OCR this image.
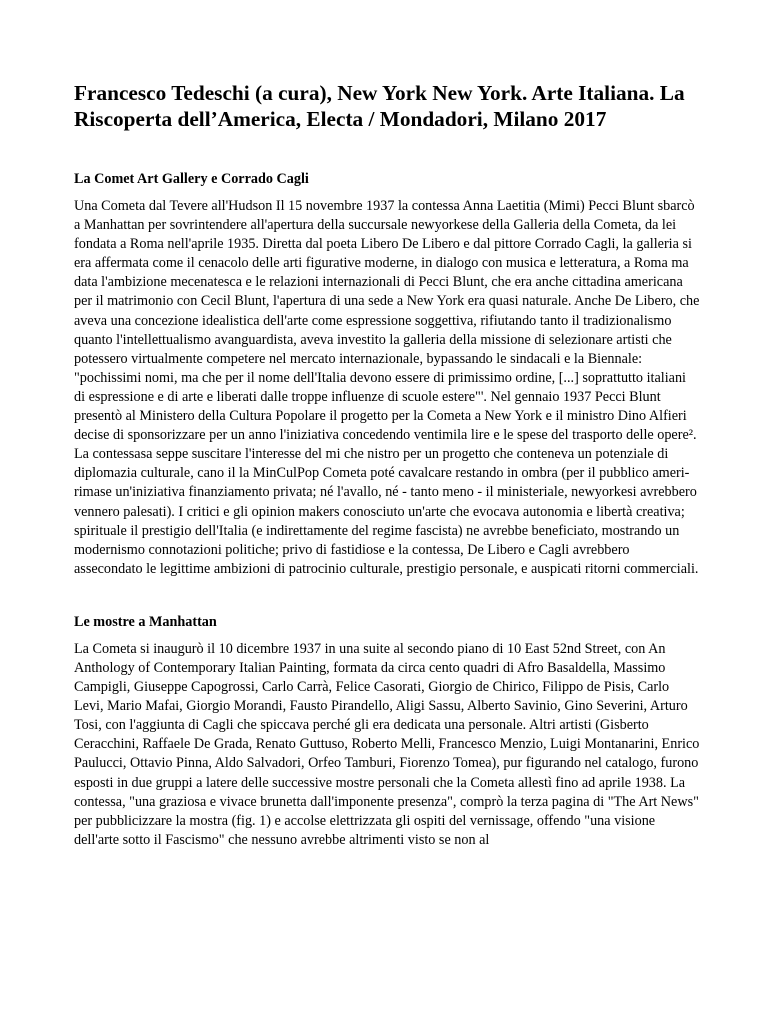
Francesco Tedeschi (a cura), New York New York. Arte Italiana. La Riscoperta dell’America, Electa / Mondadori, Milano 2017
La Comet Art Gallery e Corrado Cagli

Una Cometa dal Tevere all'Hudson Il 15 novembre 1937 la contessa Anna Laetitia (Mimi) Pecci Blunt sbarcò a Manhattan per sovrintendere all'apertura della succursale newyorkese della Galleria della Cometa, da lei fondata a Roma nell'aprile 1935. Diretta dal poeta Libero De Libero e dal pittore Corrado Cagli, la galleria si era affermata come il cenacolo delle arti figurative moderne, in dialogo con musica e letteratura, a Roma ma data l'ambizione mecenatesca e le relazioni internazionali di Pecci Blunt, che era anche cittadina americana per il matrimonio con Cecil Blunt, l'apertura di una sede a New York era quasi naturale. Anche De Libero, che aveva una concezione idealistica dell'arte come espressione soggettiva, rifiutando tanto il tradizionalismo quanto l'intellettualismo avanguardista, aveva investito la galleria della missione di selezionare artisti che potessero virtualmente competere nel mercato internazionale, bypassando le sindacali e la Biennale: "pochissimi nomi, ma che per il nome dell'Italia devono essere di primissimo ordine, [...] soprattutto italiani di espressione e di arte e liberati dalle troppe influenze di scuole estere"'. Nel gennaio 1937 Pecci Blunt presentò al Ministero della Cultura Popolare il progetto per la Cometa a New York e il ministro Dino Alfieri decise di sponsorizzare per un anno l'iniziativa concedendo ventimila lire e le spese del trasporto delle opere². La contessasa seppe suscitare l'interesse del mi che nistro per un progetto che conteneva un potenziale di diplomazia culturale, cano il la MinCulPop Cometa poté cavalcare restando in ombra (per il pubblico ameri- rimase un'iniziativa finanziamento privata; né l'avallo, né - tanto meno - il ministeriale, newyorkesi avrebbero vennero palesati). I critici e gli opinion makers conosciuto un'arte che evocava autonomia e libertà creativa; spirituale il prestigio dell'Italia (e indirettamente del regime fascista) ne avrebbe beneficiato, mostrando un modernismo connotazioni politiche; privo di fastidiose e la contessa, De Libero e Cagli avrebbero assecondato le legittime ambizioni di patrocinio culturale, prestigio personale, e auspicati ritorni commerciali.

Le mostre a Manhattan

La Cometa si inaugurò il 10 dicembre 1937 in una suite al secondo piano di 10 East 52nd Street, con An Anthology of Contemporary Italian Painting, formata da circa cento quadri di Afro Basaldella, Massimo Campigli, Giuseppe Capogrossi, Carlo Carrà, Felice Casorati, Giorgio de Chirico, Filippo de Pisis, Carlo Levi, Mario Mafai, Giorgio Morandi, Fausto Pirandello, Aligi Sassu, Alberto Savinio, Gino Severini, Arturo Tosi, con l'aggiunta di Cagli che spiccava perché gli era dedicata una personale. Altri artisti (Gisberto Ceracchini, Raffaele De Grada, Renato Guttuso, Roberto Melli, Francesco Menzio, Luigi Montanarini, Enrico Paulucci, Ottavio Pinna, Aldo Salvadori, Orfeo Tamburi, Fiorenzo Tomea), pur figurando nel catalogo, furono esposti in due gruppi a latere delle successive mostre personali che la Cometa allestì fino ad aprile 1938. La contessa, "una graziosa e vivace brunetta dall'imponente presenza", comprò la terza pagina di "The Art News" per pubblicizzare la mostra (fig. 1) e accolse elettrizzata gli ospiti del vernissage, offendo "una visione dell'arte sotto il Fascismo" che nessuno avrebbe altrimenti visto se non al
